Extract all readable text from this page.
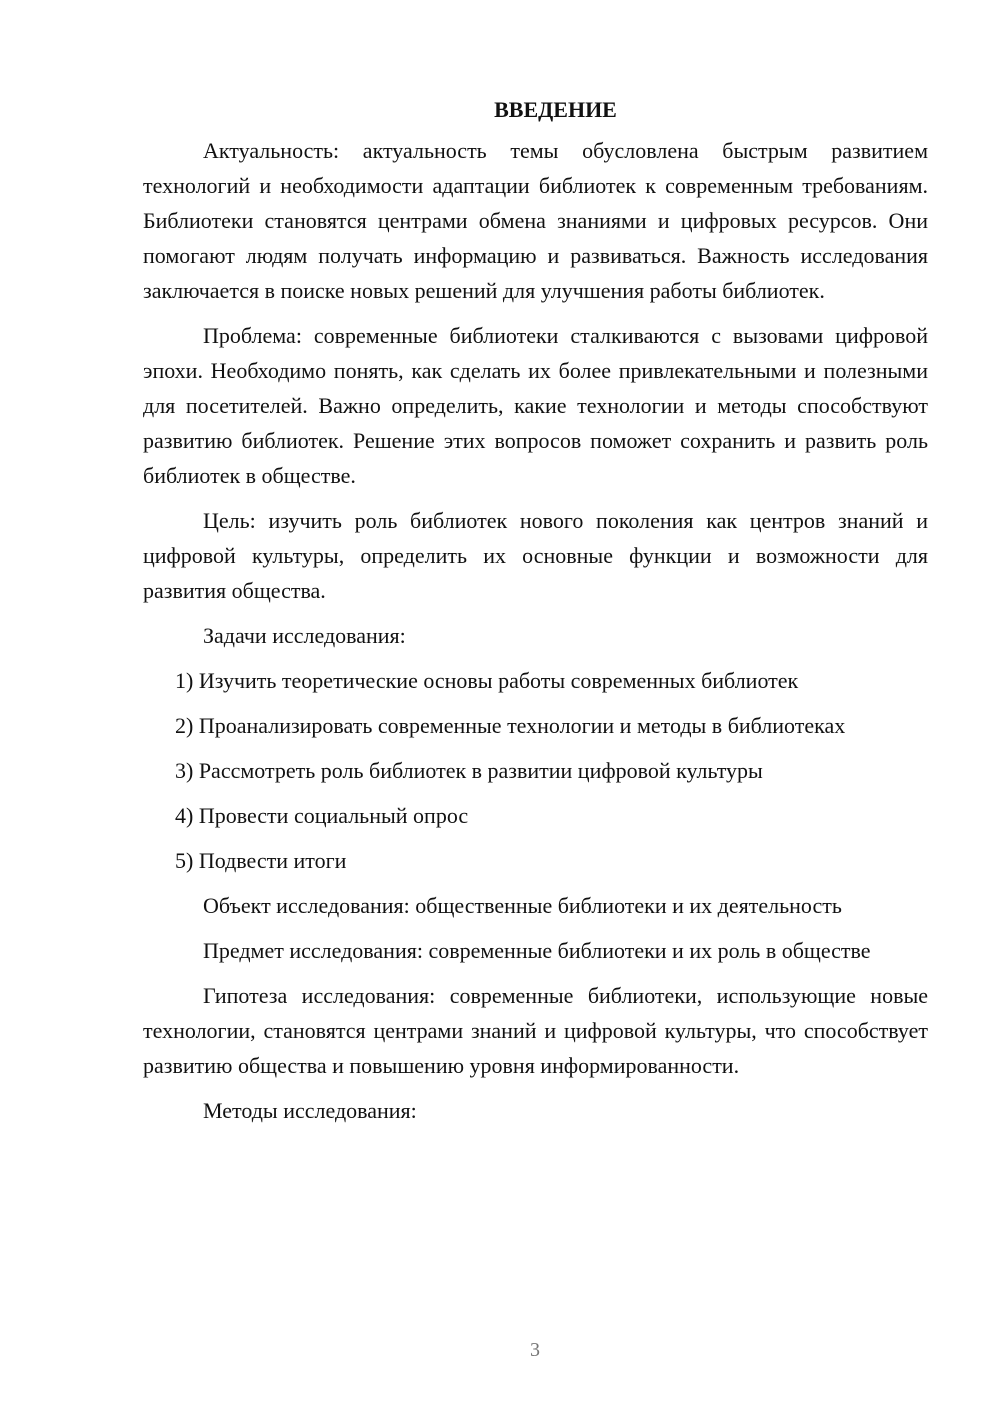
ВВЕДЕНИЕ

Актуальность: актуальность темы обусловлена быстрым развитием технологий и необходимости адаптации библиотек к современным требованиям. Библиотеки становятся центрами обмена знаниями и цифровых ресурсов. Они помогают людям получать информацию и развиваться. Важность исследования заключается в поиске новых решений для улучшения работы библиотек.

Проблема: современные библиотеки сталкиваются с вызовами цифровой эпохи. Необходимо понять, как сделать их более привлекательными и полезными для посетителей. Важно определить, какие технологии и методы способствуют развитию библиотек. Решение этих вопросов поможет сохранить и развить роль библиотек в обществе.

Цель: изучить роль библиотек нового поколения как центров знаний и цифровой культуры, определить их основные функции и возможности для развития общества.

Задачи исследования:

1) Изучить теоретические основы работы современных библиотек

2) Проанализировать современные технологии и методы в библиотеках

3) Рассмотреть роль библиотек в развитии цифровой культуры

4) Провести социальный опрос

5) Подвести итоги

Объект исследования: общественные библиотеки и их деятельность

Предмет исследования: современные библиотеки и их роль в обществе

Гипотеза исследования: современные библиотеки, использующие новые технологии, становятся центрами знаний и цифровой культуры, что способствует развитию общества и повышению уровня информированности.

Методы исследования:

3
